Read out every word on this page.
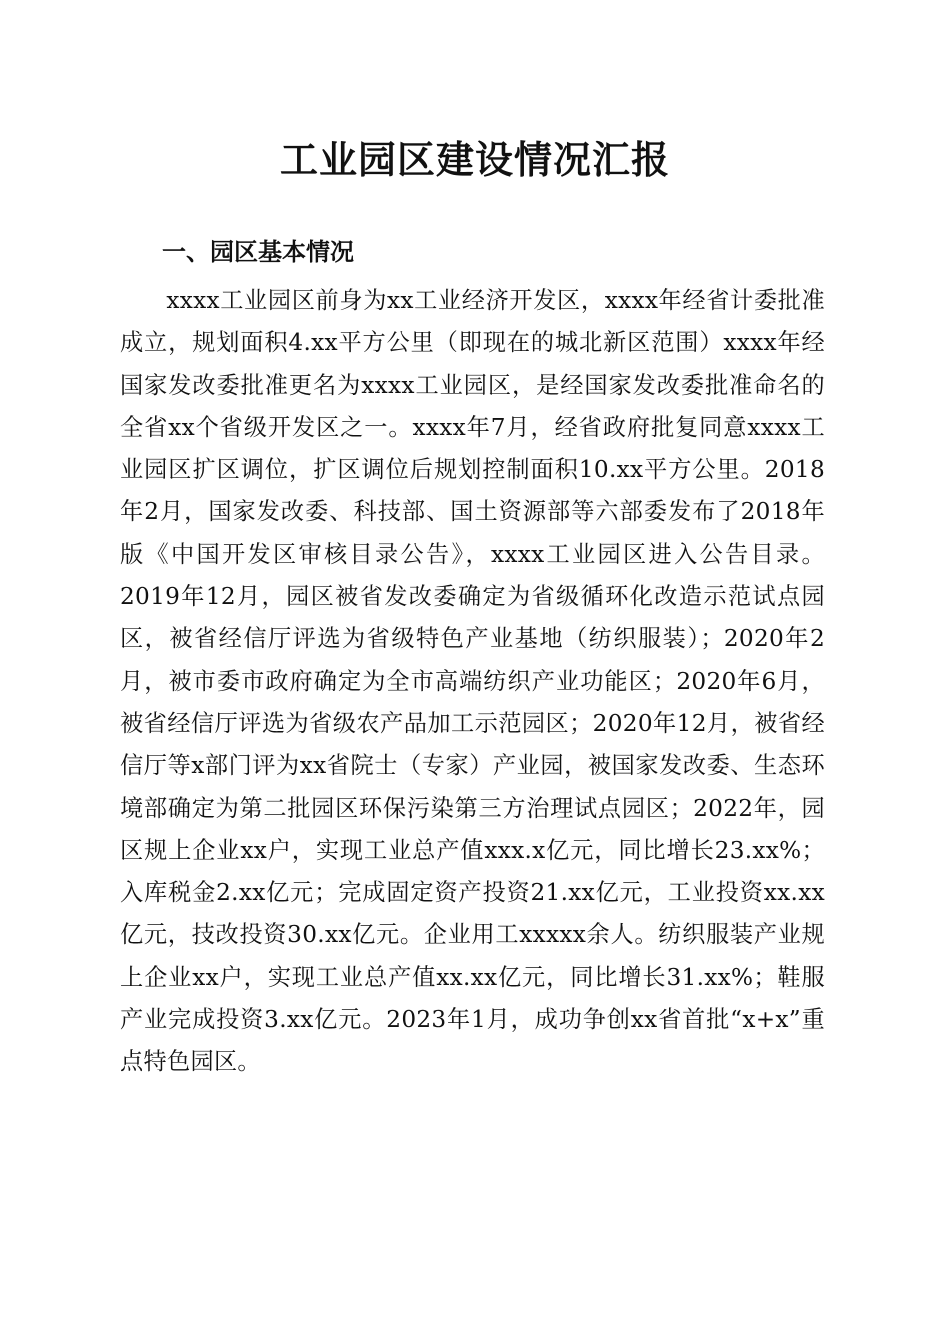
工业园区建设情况汇报
一、园区基本情况

xxxx工业园区前身为xx工业经济开发区，xxxx年经省计委批准成立，规划面积4.xx平方公里（即现在的城北新区范围）xxxx年经国家发改委批准更名为xxxx工业园区，是经国家发改委批准命名的全省xx个省级开发区之一。xxxx年7月，经省政府批复同意xxxx工业园区扩区调位，扩区调位后规划控制面积10.xx平方公里。2018年2月，国家发改委、科技部、国土资源部等六部委发布了2018年版《中国开发区审核目录公告》，xxxx工业园区进入公告目录。2019年12月，园区被省发改委确定为省级循环化改造示范试点园区，被省经信厅评选为省级特色产业基地（纺织服装）；2020年2月，被市委市政府确定为全市高端纺织产业功能区；2020年6月，被省经信厅评选为省级农产品加工示范园区；2020年12月，被省经信厅等x部门评为xx省院士（专家）产业园，被国家发改委、生态环境部确定为第二批园区环保污染第三方治理试点园区；2022年，园区规上企业xx户，实现工业总产值xxx.x亿元，同比增长23.xx%；入库税金2.xx亿元；完成固定资产投资21.xx亿元，工业投资xx.xx亿元，技改投资30.xx亿元。企业用工xxxxx余人。纺织服装产业规上企业xx户，实现工业总产值xx.xx亿元，同比增长31.xx%；鞋服产业完成投资3.xx亿元。2023年1月，成功争创xx省首批“x+x”重点特色园区。
